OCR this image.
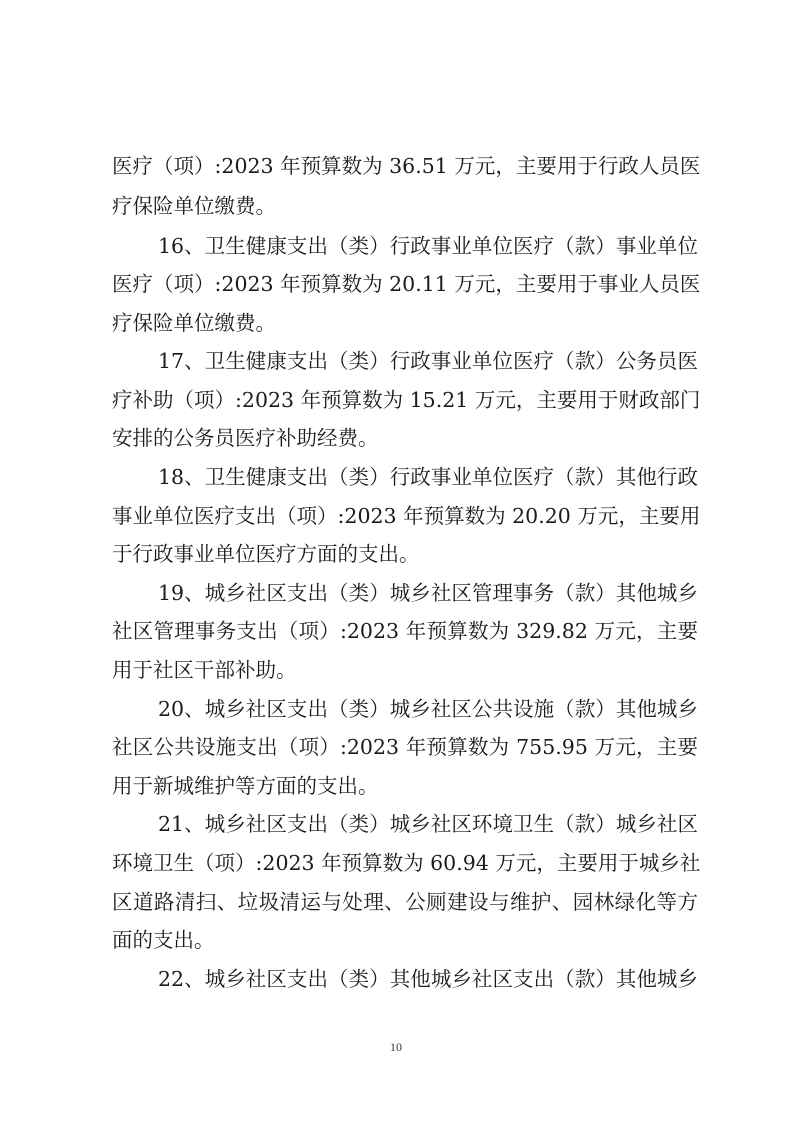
医疗（项）:2023 年预算数为 36.51 万元，主要用于行政人员医
疗保险单位缴费。
16、卫生健康支出（类）行政事业单位医疗（款）事业单位
医疗（项）:2023 年预算数为 20.11 万元，主要用于事业人员医
疗保险单位缴费。
17、卫生健康支出（类）行政事业单位医疗（款）公务员医
疗补助（项）:2023 年预算数为 15.21 万元，主要用于财政部门
安排的公务员医疗补助经费。
18、卫生健康支出（类）行政事业单位医疗（款）其他行政
事业单位医疗支出（项）:2023 年预算数为 20.20 万元，主要用
于行政事业单位医疗方面的支出。
19、城乡社区支出（类）城乡社区管理事务（款）其他城乡
社区管理事务支出（项）:2023 年预算数为 329.82 万元，主要
用于社区干部补助。
20、城乡社区支出（类）城乡社区公共设施（款）其他城乡
社区公共设施支出（项）:2023 年预算数为 755.95 万元，主要
用于新城维护等方面的支出。
21、城乡社区支出（类）城乡社区环境卫生（款）城乡社区
环境卫生（项）:2023 年预算数为 60.94 万元，主要用于城乡社
区道路清扫、垃圾清运与处理、公厕建设与维护、园林绿化等方
面的支出。
22、城乡社区支出（类）其他城乡社区支出（款）其他城乡
10
